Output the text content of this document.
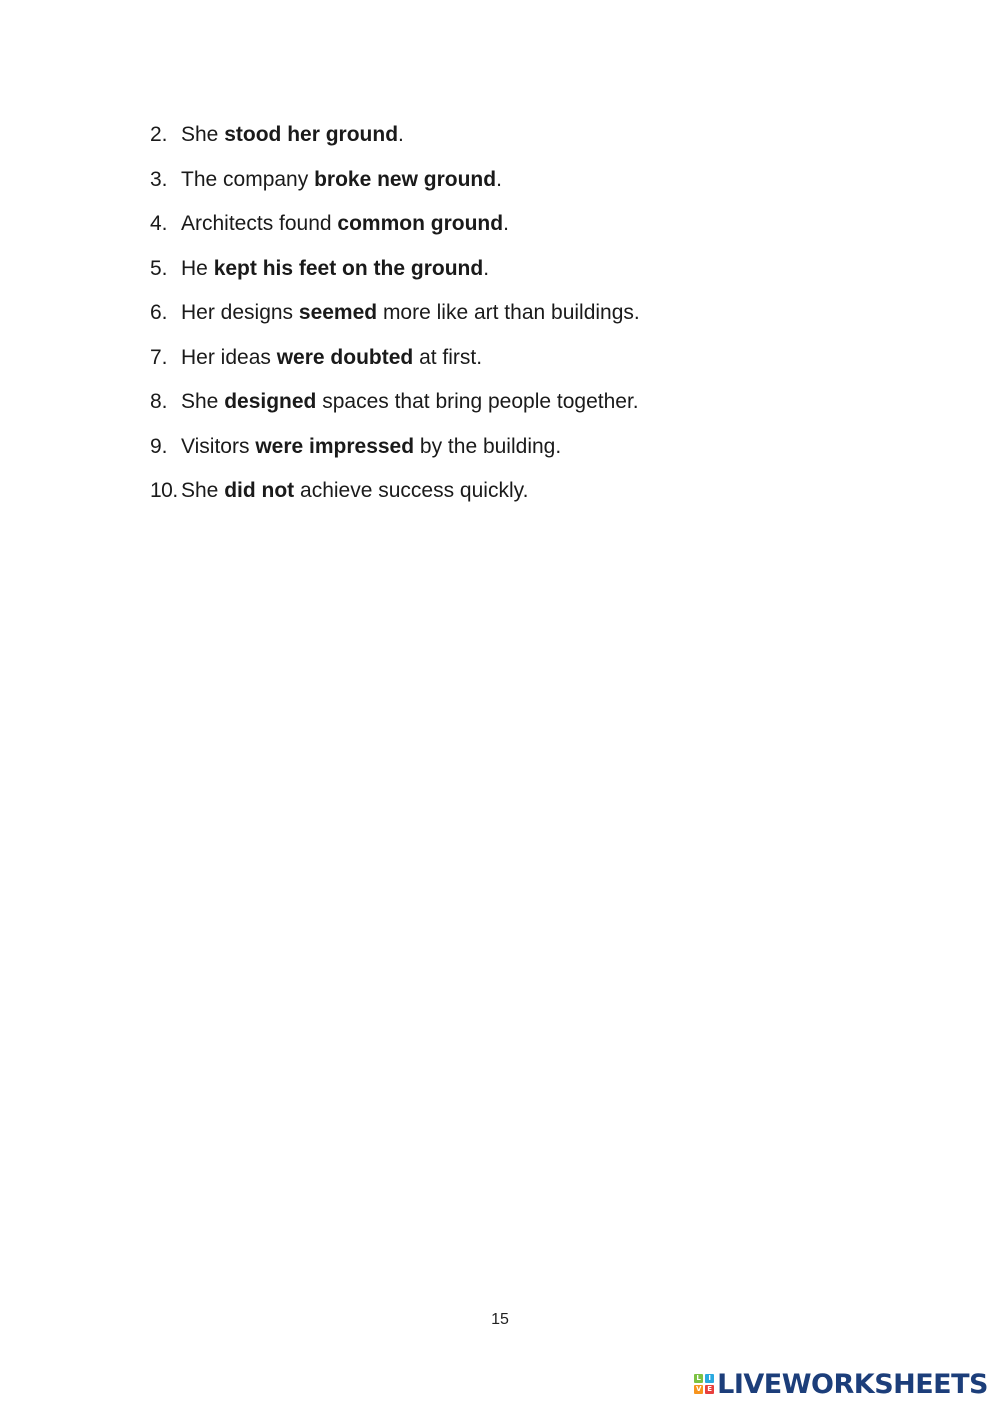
2. She stood her ground.
3. The company broke new ground.
4. Architects found common ground.
5. He kept his feet on the ground.
6. Her designs seemed more like art than buildings.
7. Her ideas were doubted at first.
8. She designed spaces that bring people together.
9. Visitors were impressed by the building.
10. She did not achieve success quickly.
15
L	I
V E LIVEWORKSHEETS
